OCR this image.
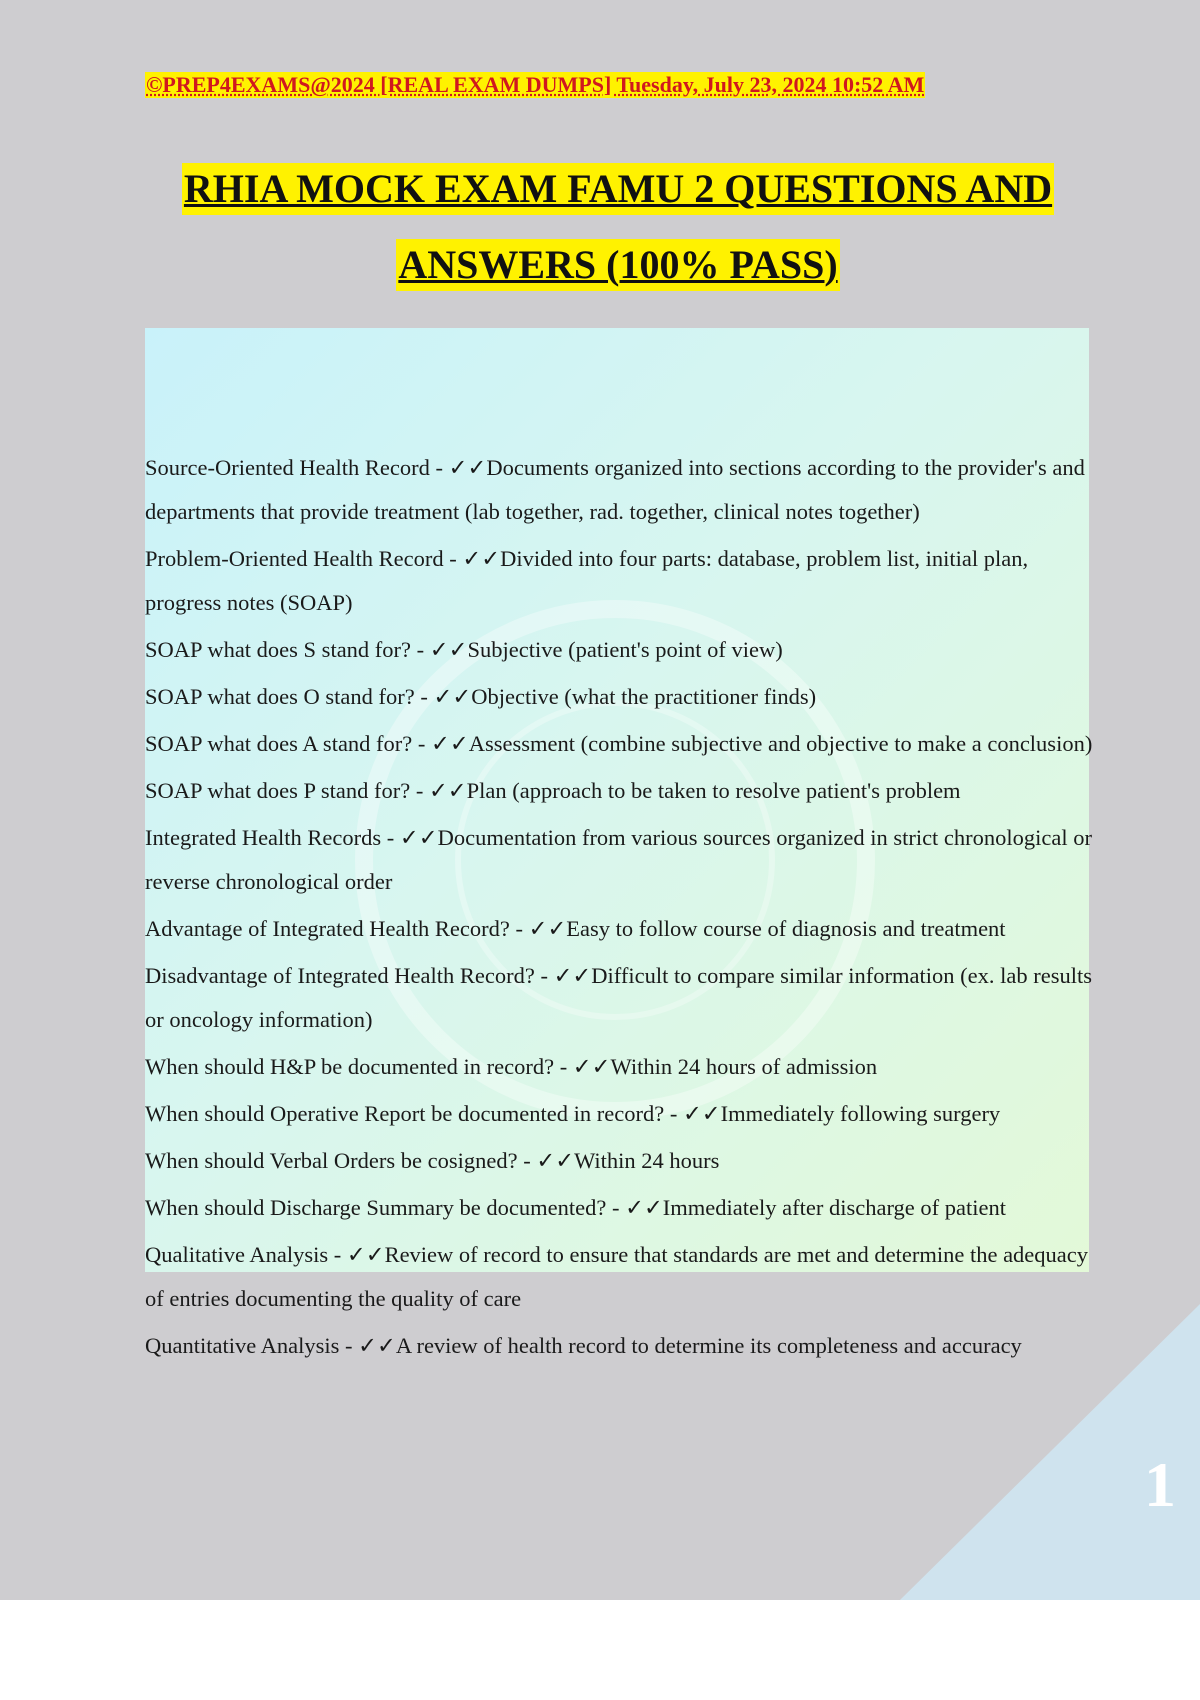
©PREP4EXAMS@2024 [REAL EXAM DUMPS] Tuesday, July 23, 2024 10:52 AM
RHIA MOCK EXAM FAMU 2 QUESTIONS AND
ANSWERS (100% PASS)
Source-Oriented Health Record - ✓✓Documents organized into sections according to the provider's and departments that provide treatment (lab together, rad. together, clinical notes together)
Problem-Oriented Health Record - ✓✓Divided into four parts: database, problem list, initial plan, progress notes (SOAP)
SOAP what does S stand for? - ✓✓Subjective (patient's point of view)
SOAP what does O stand for? - ✓✓Objective (what the practitioner finds)
SOAP what does A stand for? - ✓✓Assessment (combine subjective and objective to make a conclusion)
SOAP what does P stand for? - ✓✓Plan (approach to be taken to resolve patient's problem
Integrated Health Records - ✓✓Documentation from various sources organized in strict chronological or reverse chronological order
Advantage of Integrated Health Record? - ✓✓Easy to follow course of diagnosis and treatment
Disadvantage of Integrated Health Record? - ✓✓Difficult to compare similar information (ex. lab results or oncology information)
When should H&P be documented in record? - ✓✓Within 24 hours of admission
When should Operative Report be documented in record? - ✓✓Immediately following surgery
When should Verbal Orders be cosigned? - ✓✓Within 24 hours
When should Discharge Summary be documented? - ✓✓Immediately after discharge of patient
Qualitative Analysis - ✓✓Review of record to ensure that standards are met and determine the adequacy of entries documenting the quality of care
Quantitative Analysis - ✓✓A review of health record to determine its completeness and accuracy
1
